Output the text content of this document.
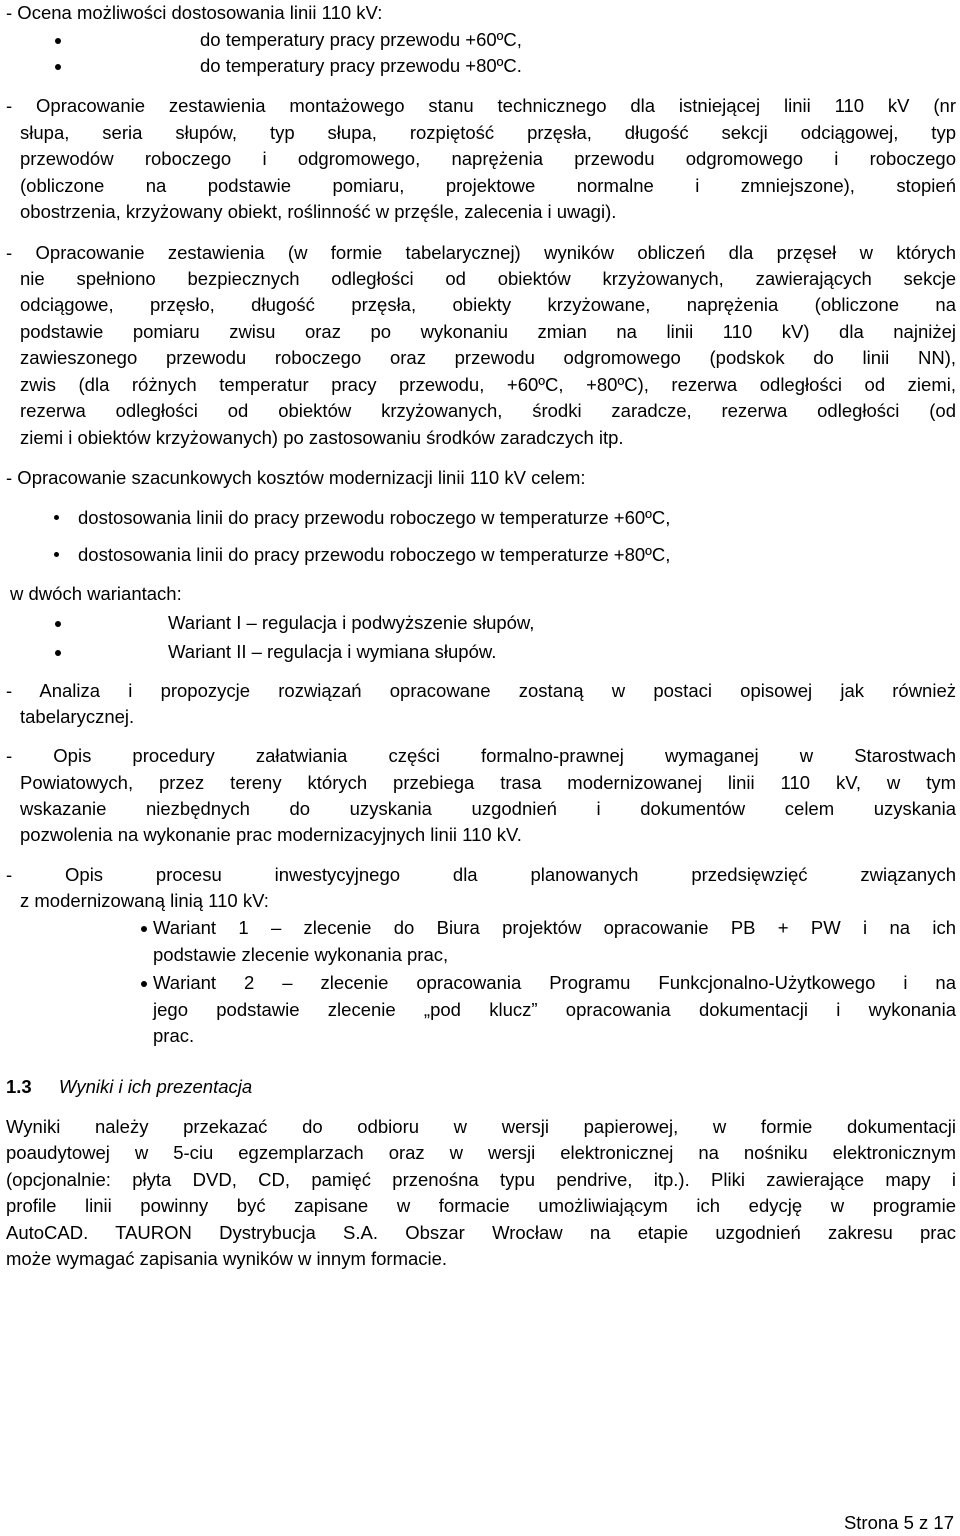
- Ocena możliwości dostosowania linii 110 kV:
do temperatury pracy przewodu +60ºC,
do temperatury pracy przewodu +80ºC.
- Opracowanie zestawienia montażowego stanu technicznego dla istniejącej linii 110 kV (nr
słupa, seria słupów, typ słupa, rozpiętość przęsła, długość sekcji odciągowej, typ
przewodów roboczego i odgromowego, naprężenia przewodu odgromowego i roboczego
(obliczone na podstawie pomiaru, projektowe normalne i zmniejszone), stopień
obostrzenia, krzyżowany obiekt, roślinność w przęśle, zalecenia i uwagi).
- Opracowanie zestawienia (w formie tabelarycznej) wyników obliczeń dla przęseł w których
nie spełniono bezpiecznych odległości od obiektów krzyżowanych, zawierających sekcje
odciągowe, przęsło, długość przęsła, obiekty krzyżowane, naprężenia (obliczone na
podstawie pomiaru zwisu oraz po wykonaniu zmian na linii 110 kV) dla najniżej
zawieszonego przewodu roboczego oraz przewodu odgromowego (podskok do linii NN),
zwis (dla różnych temperatur pracy przewodu, +60ºC, +80ºC), rezerwa odległości od ziemi,
rezerwa odległości od obiektów krzyżowanych, środki zaradcze, rezerwa odległości (od
ziemi i obiektów krzyżowanych) po zastosowaniu środków zaradczych itp.
- Opracowanie szacunkowych kosztów modernizacji linii 110 kV celem:
dostosowania linii do pracy przewodu roboczego w temperaturze +60ºC,
dostosowania linii do pracy przewodu roboczego w temperaturze +80ºC,
w dwóch wariantach:
Wariant I – regulacja i podwyższenie słupów,
Wariant II – regulacja i wymiana słupów.
- Analiza i propozycje rozwiązań opracowane zostaną w postaci opisowej jak również
tabelarycznej.
- Opis procedury załatwiania części formalno-prawnej wymaganej w Starostwach
Powiatowych, przez tereny których przebiega trasa modernizowanej linii 110 kV, w tym
wskazanie niezbędnych do uzyskania uzgodnień i dokumentów celem uzyskania
pozwolenia na wykonanie prac modernizacyjnych linii 110 kV.
- Opis procesu inwestycyjnego dla planowanych przedsięwzięć związanych
z modernizowaną linią 110 kV:
Wariant 1 – zlecenie do Biura projektów opracowanie PB + PW i na ich
podstawie zlecenie wykonania prac,
Wariant 2 – zlecenie opracowania Programu Funkcjonalno-Użytkowego i na
jego podstawie zlecenie „pod klucz” opracowania dokumentacji i wykonania
prac.
1.3 Wyniki i ich prezentacja
Wyniki należy przekazać do odbioru w wersji papierowej, w formie dokumentacji
poaudytowej w 5-ciu egzemplarzach oraz w wersji elektronicznej na nośniku elektronicznym
(opcjonalnie: płyta DVD, CD, pamięć przenośna typu pendrive, itp.). Pliki zawierające mapy i
profile linii powinny być zapisane w formacie umożliwiającym ich edycję w programie
AutoCAD. TAURON Dystrybucja S.A. Obszar Wrocław na etapie uzgodnień zakresu prac
może wymagać zapisania wyników w innym formacie.
Strona 5 z 17
